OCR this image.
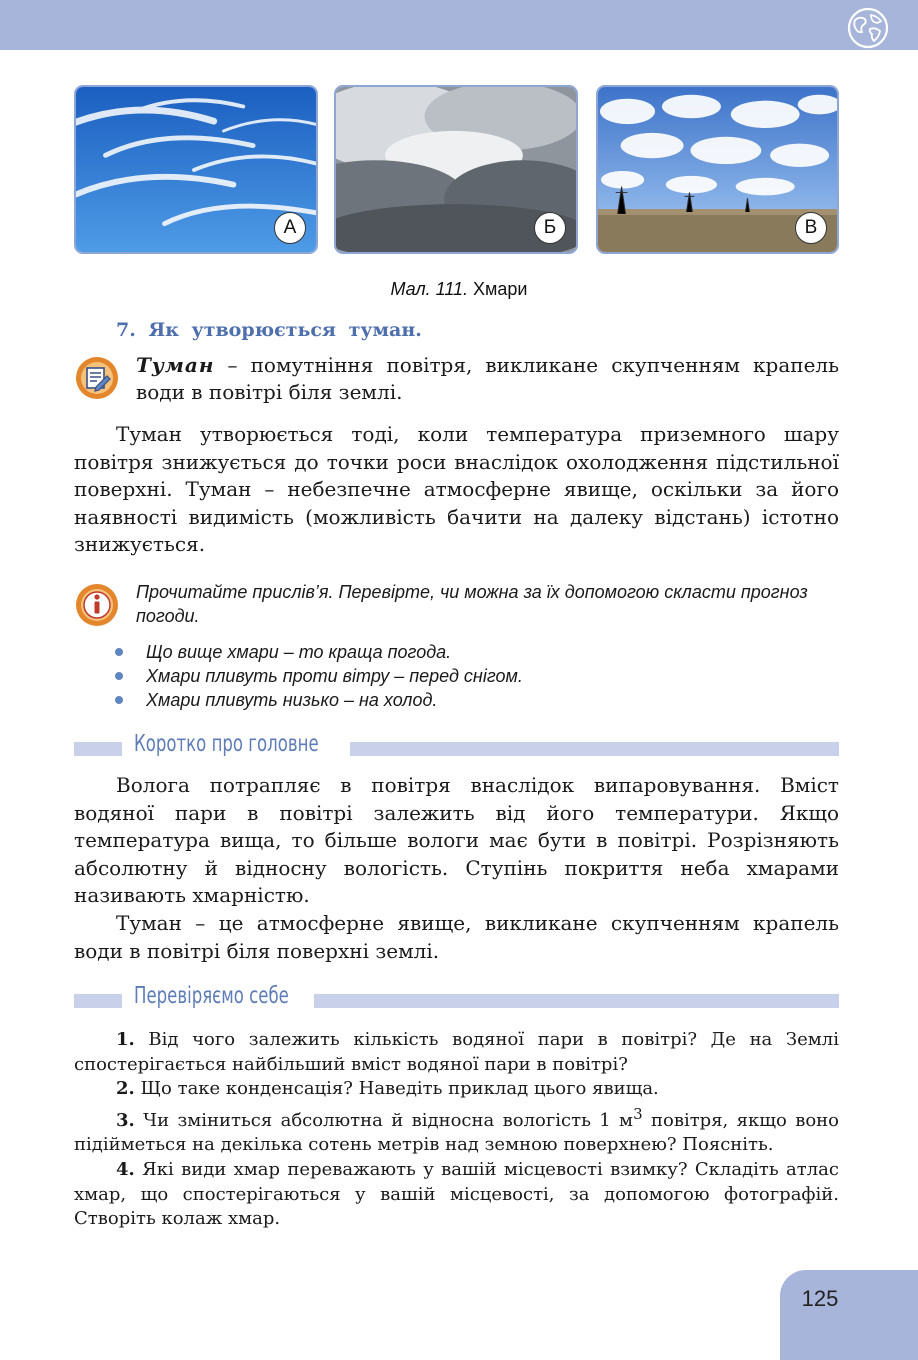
А	Б	В
Мал. 111. Хмари
7. Як утворюється туман.
Туман – помутніння повітря, викликане скупченням крапель води в повітрі біля землі.
Туман утворюється тоді, коли температура приземного шару повітря знижується до точки роси внаслідок охолодження підстильної поверхні. Туман – небезпечне атмосферне явище, оскільки за його наявності видимість (можливість бачити на далеку відстань) істотно знижується.
Прочитайте прислів’я. Перевірте, чи можна за їх допомогою скласти прогноз погоди.
Що вище хмари – то краща погода.
Хмари пливуть проти вітру – перед снігом.
Хмари пливуть низько – на холод.
Коротко про головне
Вологa потрапляє в повітря внаслідок випаровування. Вміст водяної пари в повітрі залежить від його температури. Якщо температура вища, то більше вологи має бути в повітрі. Розрізняють абсолютну й відносну вологість. Ступінь покриття неба хмарами називають хмарністю.
Туман – це атмосферне явище, викликане скупченням крапель води в повітрі біля поверхні землі.
Перевіряємо себе

1. Від чого залежить кількість водяної пари в повітрі? Де на Землі спостерігається найбільший вміст водяної пари в повітрі?

2. Що таке конденсація? Наведіть приклад цього явища.

3. Чи зміниться абсолютна й відносна вологість 1 $м^3$ повітря, якщо воно підійметься на декілька сотень метрів над земною поверхнею? Поясніть.

4. Які види хмар переважають у вашій місцевості взимку? Складіть атлас хмар, що спостерігаються у вашій місцевості, за допомогою фотографій. Створіть колаж хмар.

125
